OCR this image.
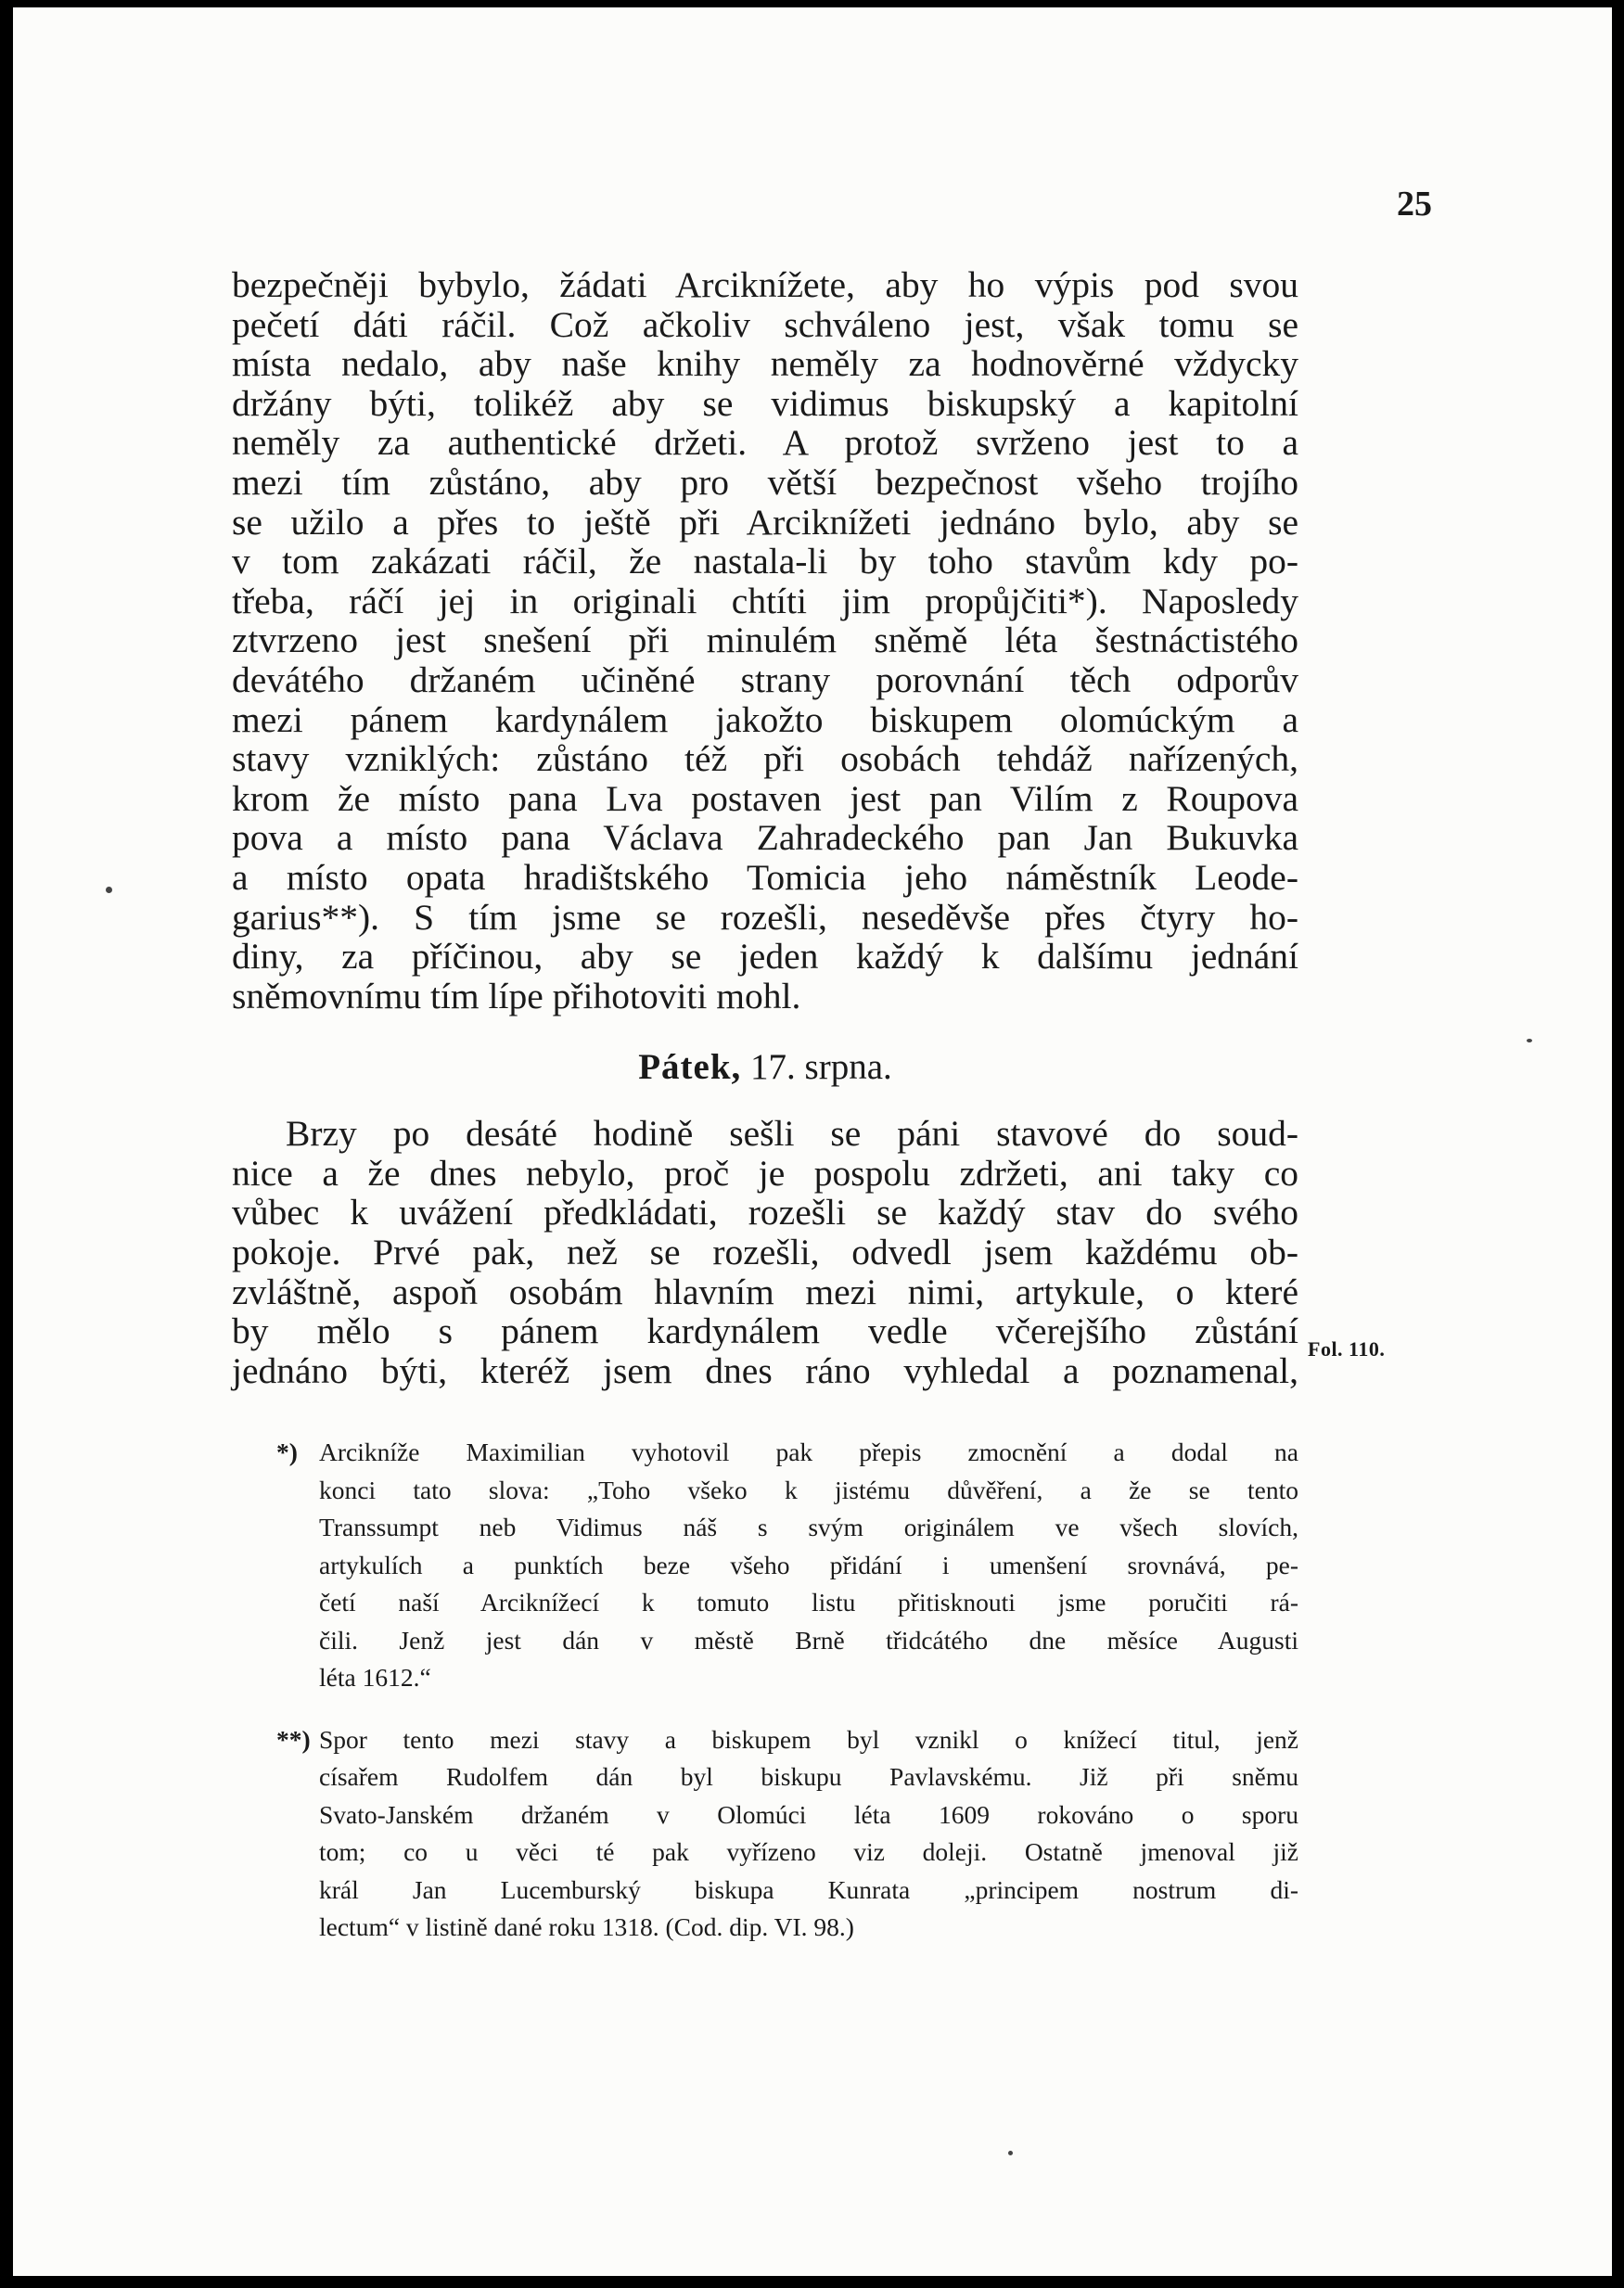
25
bezpečněji bybylo, žádati Arciknížete, aby ho výpis pod svou
pečetí dáti ráčil. Což ačkoliv schváleno jest, však tomu se
místa nedalo, aby naše knihy neměly za hodnověrné vždycky
držány býti, tolikéž aby se vidimus biskupský a kapitolní
neměly za authentické držeti. A protož svrženo jest to a
mezi tím zůstáno, aby pro větší bezpečnost všeho trojího
se užilo a přes to ještě při Arciknížeti jednáno bylo, aby se
v tom zakázati ráčil, že nastala-li by toho stavům kdy po-
třeba, ráčí jej in originali chtíti jim propůjčiti*). Naposledy
ztvrzeno jest snešení při minulém sněmě léta šestnáctistého
devátého držaném učiněné strany porovnání těch odporův
mezi pánem kardynálem jakožto biskupem olomúckým a
stavy vzniklých: zůstáno též při osobách tehdáž nařízených,
krom že místo pana Lva postaven jest pan Vilím z Roupova
pova a místo pana Václava Zahradeckého pan Jan Bukuvka
a místo opata hradištského Tomicia jeho náměstník Leode-
garius**). S tím jsme se rozešli, neseděvše přes čtyry ho-
diny, za příčinou, aby se jeden každý k dalšímu jednání
sněmovnímu tím lípe přihotoviti mohl.
Pátek, 17. srpna.
Brzy po desáté hodině sešli se páni stavové do soud-
nice a že dnes nebylo, proč je pospolu zdržeti, ani taky co
vůbec k uvážení předkládati, rozešli se každý stav do svého
pokoje. Prvé pak, než se rozešli, odvedl jsem každému ob-
zvláštně, aspoň osobám hlavním mezi nimi, artykule, o které
by mělo s pánem kardynálem vedle včerejšího zůstání
jednáno býti, kteréž jsem dnes ráno vyhledal a poznamenal,
Fol. 110.
*) Arcikníže Maximilian vyhotovil pak přepis zmocnění a dodal na
konci tato slova: „Toho všeko k jistému důvěření, a že se tento
Transsumpt neb Vidimus náš s svým originálem ve všech slovích,
artykulích a punktích beze všeho přidání i umenšení srovnává, pe-
četí naší Arciknížecí k tomuto listu přitisknouti jsme poručiti rá-
čili. Jenž jest dán v městě Brně třidcátého dne měsíce Augusti
léta 1612.“
**) Spor tento mezi stavy a biskupem byl vznikl o knížecí titul, jenž
císařem Rudolfem dán byl biskupu Pavlavskému. Již při sněmu
Svato-Janském držaném v Olomúci léta 1609 rokováno o sporu
tom; co u věci té pak vyřízeno viz doleji. Ostatně jmenoval již
král Jan Lucemburský biskupa Kunrata „principem nostrum di-
lectum“ v listině dané roku 1318. (Cod. dip. VI. 98.)
